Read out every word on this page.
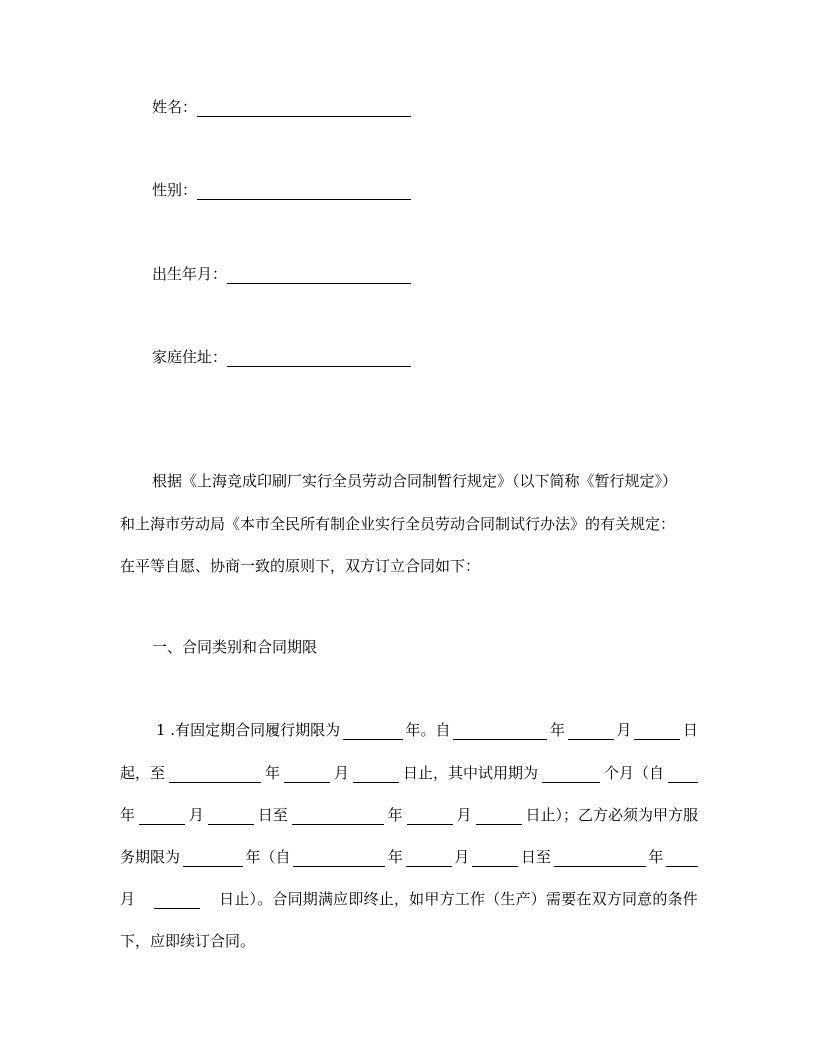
姓名：
性别：
出生年月：
家庭住址：
根据《上海竞成印刷厂实行全员劳动合同制暂行规定》（以下简称《暂行规定》）
和上海市劳动局《本市全民所有制企业实行全员劳动合同制试行办法》的有关规定：
在平等自愿、协商一致的原则下，双方订立合同如下：
一、合同类别和合同期限
1 .有固定期合同履行期限为	年。自	年	月	日
起，至	年	月	日止，其中试用期为	个月（自
年	月	日至	年	月	日止）；乙方必须为甲方服
务期限为	年（自	年	月	日至	年
月	日止）。合同期满应即终止，如甲方工作（生产）需要在双方同意的条件
下，应即续订合同。
